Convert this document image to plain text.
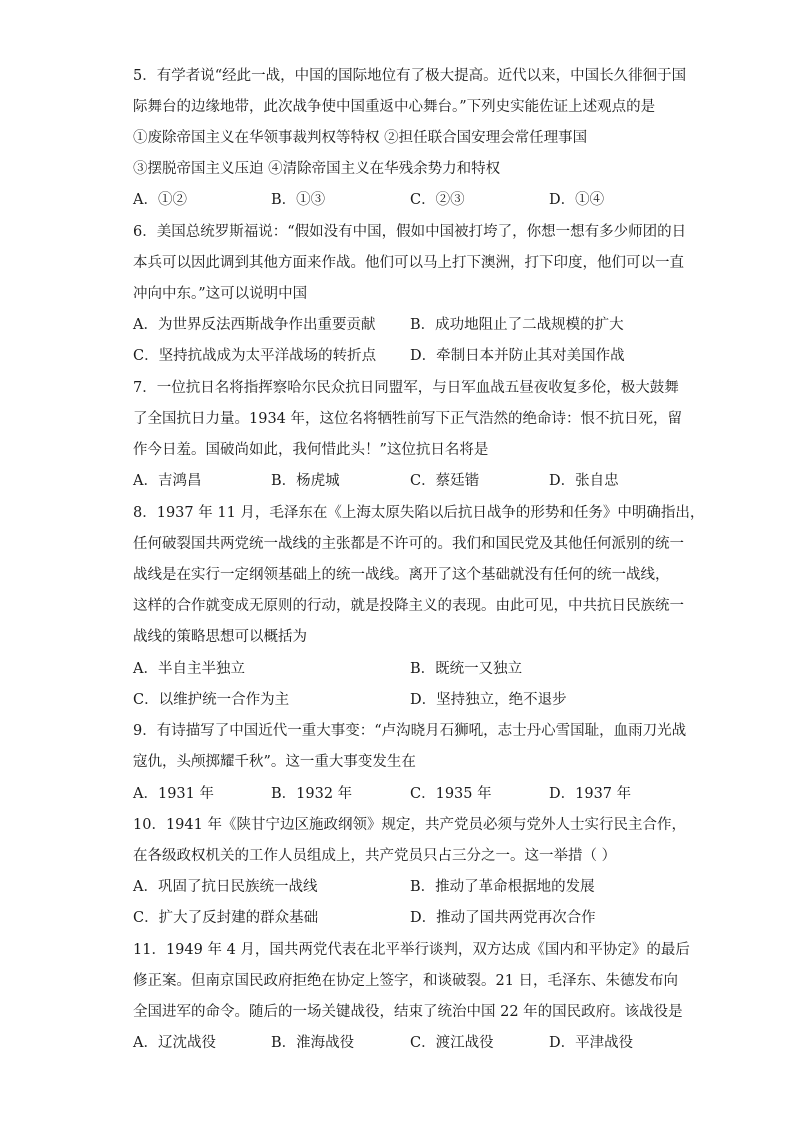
5．有学者说“经此一战，中国的国际地位有了极大提高。近代以来，中国长久徘徊于国
际舞台的边缘地带，此次战争使中国重返中心舞台。”下列史实能佐证上述观点的是
①废除帝国主义在华领事裁判权等特权 ②担任联合国安理会常任理事国
③摆脱帝国主义压迫 ④清除帝国主义在华残余势力和特权
A．①②	B．①③	C．②③	D．①④
6．美国总统罗斯福说：“假如没有中国，假如中国被打垮了，你想一想有多少师团的日
本兵可以因此调到其他方面来作战。他们可以马上打下澳洲，打下印度，他们可以一直
冲向中东。”这可以说明中国
A．为世界反法西斯战争作出重要贡献 B．成功地阻止了二战规模的扩大
C．坚持抗战成为太平洋战场的转折点 D．牵制日本并防止其对美国作战
7．一位抗日名将指挥察哈尔民众抗日同盟军，与日军血战五昼夜收复多伦，极大鼓舞
了全国抗日力量。1934 年，这位名将牺牲前写下正气浩然的绝命诗：恨不抗日死，留
作今日羞。国破尚如此，我何惜此头！”这位抗日名将是
A．吉鸿昌	B．杨虎城	C．蔡廷锴	D．张自忠
8．1937 年 11 月，毛泽东在《上海太原失陷以后抗日战争的形势和任务》中明确指出，
任何破裂国共两党统一战线的主张都是不许可的。我们和国民党及其他任何派别的统一
战线是在实行一定纲领基础上的统一战线。离开了这个基础就没有任何的统一战线，
这样的合作就变成无原则的行动，就是投降主义的表现。由此可见，中共抗日民族统一
战线的策略思想可以概括为
A．半自主半独立	B．既统一又独立
C．以维护统一合作为主	D．坚持独立，绝不退步
9．有诗描写了中国近代一重大事变：“卢沟晓月石狮吼，志士丹心雪国耻，血雨刀光战
寇仇，头颅掷耀千秋”。这一重大事变发生在
A．1931 年	B．1932 年	C．1935 年	D．1937 年
10．1941 年《陕甘宁边区施政纲领》规定，共产党员必须与党外人士实行民主合作，
在各级政权机关的工作人员组成上，共产党员只占三分之一。这一举措（ ）
A．巩固了抗日民族统一战线	B．推动了革命根据地的发展
C．扩大了反封建的群众基础	D．推动了国共两党再次合作
11．1949 年 4 月，国共两党代表在北平举行谈判，双方达成《国内和平协定》的最后
修正案。但南京国民政府拒绝在协定上签字，和谈破裂。21 日，毛泽东、朱德发布向
全国进军的命令。随后的一场关键战役，结束了统治中国 22 年的国民政府。该战役是
A．辽沈战役	B．淮海战役	C．渡江战役	D．平津战役
